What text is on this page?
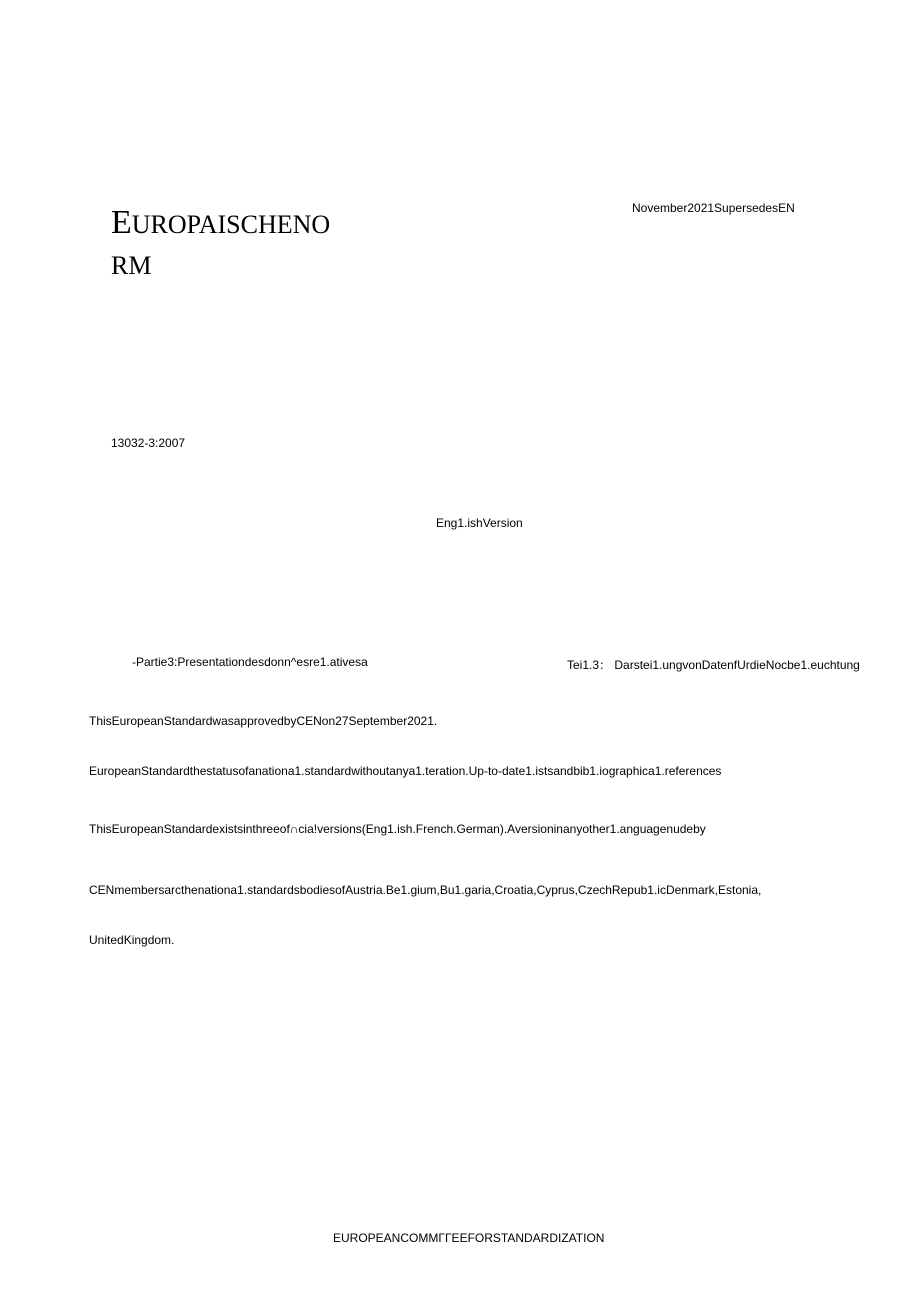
EUROPAISCHENO
RM
November2021SupersedesEN
13032-3:2007
Eng1.ishVersion
-Partie3:Presentationdesdonn^esre1.ativesa	Tei1.3： Darstei1.ungvonDatenfUrdieNocbe1.euchtung
ThisEuropeanStandardwasapprovedbyCENon27September2021.
EuropeanStandardthestatusofanationa1.standardwithoutanya1.teration.Up-to-date1.istsandbib1.iographica1.references
ThisEuropeanStandardexistsinthreeof∩cia!versions(Eng1.ish.French.German).Aversioninanyother1.anguagenudeby
CENmembersarcthenationa1.standardsbodiesofAustria.Be1.gium,Bu1.garia,Croatia,Cyprus,CzechRepub1.icDenmark,Estonia,
UnitedKingdom.
EUROPEANCOMMΓΓEEFORSTANDARDIZATION
